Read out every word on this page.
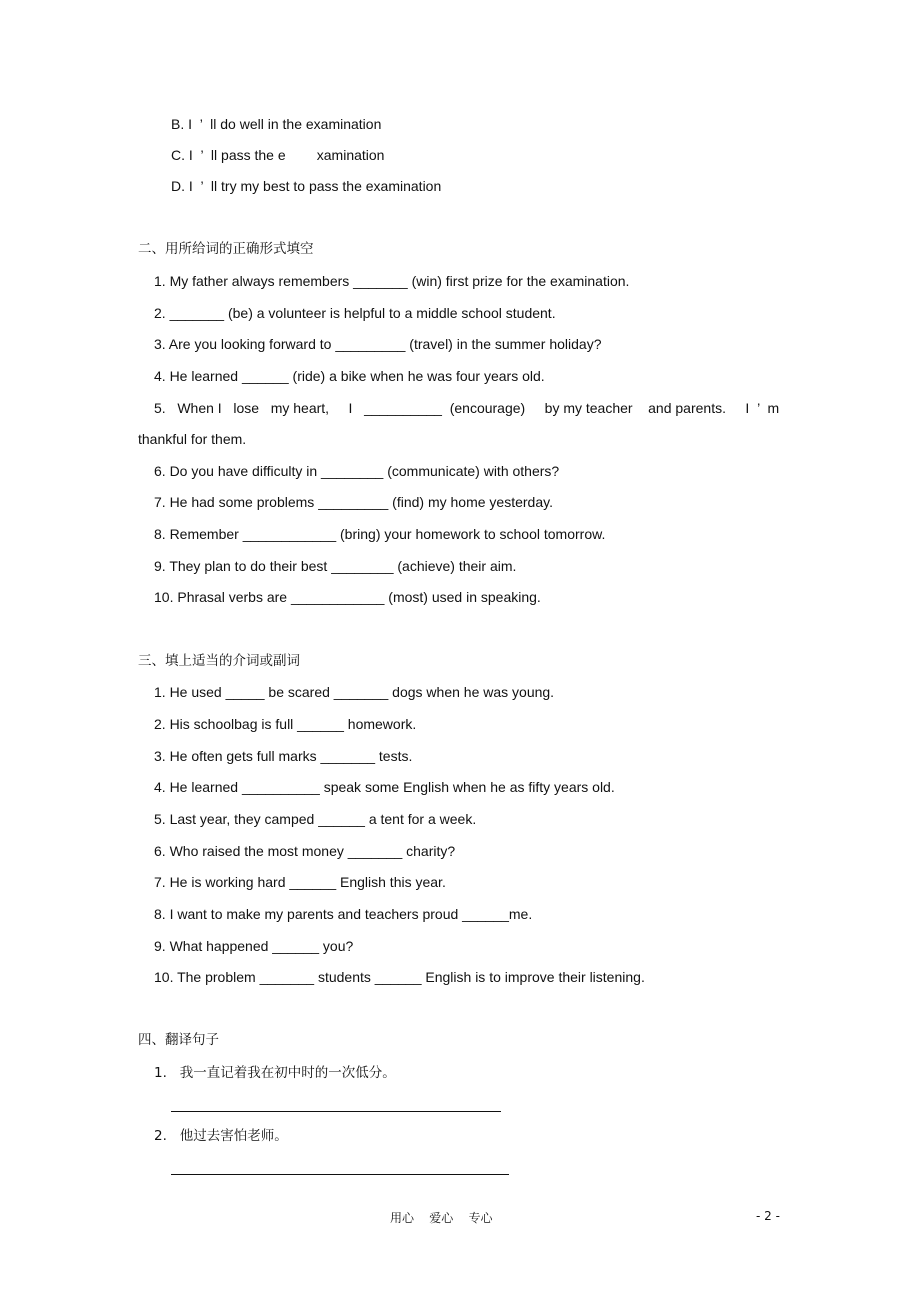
B. I  ’  ll do well in the examination
C. I  ’  ll pass the e        xamination
D. I  ’  ll try my best to pass the examination
二、用所给词的正确形式填空
1. My father always remembers _______ (win) first prize for the examination.
2. _______ (be) a volunteer is helpful to a middle school student.
3. Are you looking forward to _________ (travel) in the summer holiday?
4. He learned ______ (ride) a bike when he was four years old.
5.   When I   lose   my heart,     I   __________  (encourage)     by my teacher    and parents.     I  ’  m
thankful for them.
6. Do you have difficulty in ________ (communicate) with others?
7. He had some problems _________ (find) my home yesterday.
8. Remember ____________ (bring) your homework to school tomorrow.
9. They plan to do their best ________ (achieve) their aim.
10. Phrasal verbs are ____________ (most) used in speaking.
三、填上适当的介词或副词
1. He used _____ be scared _______ dogs when he was young.
2. His schoolbag is full ______ homework.
3. He often gets full marks _______ tests.
4. He learned __________ speak some English when he as fifty years old.
5. Last year, they camped ______ a tent for a week.
6. Who raised the most money _______ charity?
7. He is working hard ______ English this year.
8. I want to make my parents and teachers proud ______me.
9. What happened ______ you?
10. The problem _______ students ______ English is to improve their listening.
四、翻译句子
1.   我一直记着我在初中时的一次低分。
2.   他过去害怕老师。
用心    爱心    专心	- 2 -
